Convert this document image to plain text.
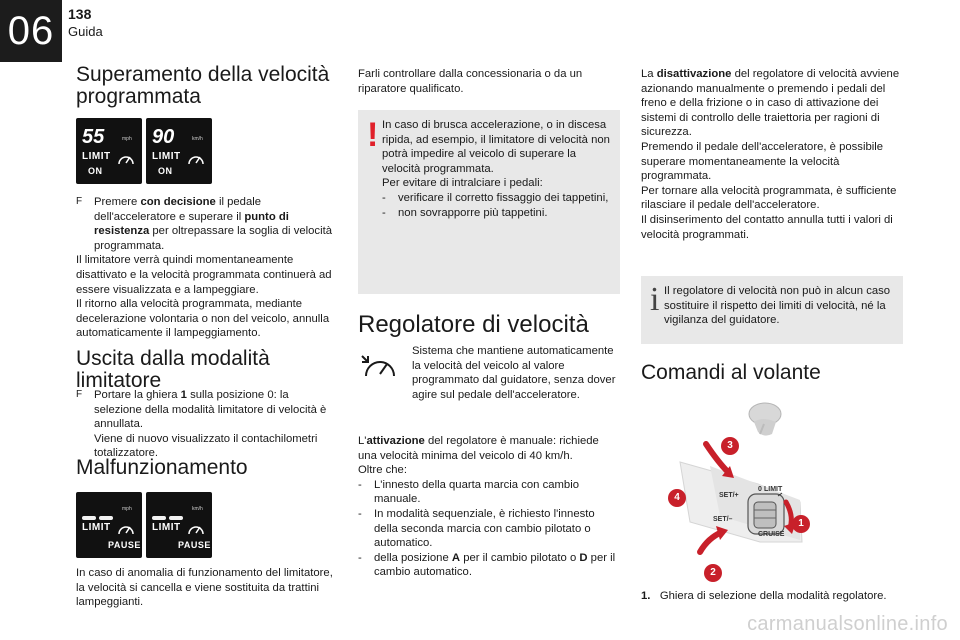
06 138
Guida
Superamento della velocità programmata
55	mph
LIMIT
ON
90	km/h
LIMIT
ON
F Premere con decisione il pedale dell'acceleratore e superare il punto di resistenza per oltrepassare la soglia di velocità programmata.
Il limitatore verrà quindi momentaneamente disattivato e la velocità programmata continuerà ad essere visualizzata e a lampeggiare.
Il ritorno alla velocità programmata, mediante decelerazione volontaria o non del veicolo, annulla automaticamente il lampeggiamento.
Uscita dalla modalità limitatore
F Portare la ghiera 1 sulla posizione 0: la selezione della modalità limitatore di velocità è annullata.
Viene di nuovo visualizzato il contachilometri totalizzatore.
Malfunzionamento
mph
LIMIT
PAUSE
km/h
LIMIT
PAUSE
In caso di anomalia di funzionamento del limitatore, la velocità si cancella e viene sostituita da trattini lampeggianti.
Farli controllare dalla concessionaria o da un riparatore qualificato.
! In caso di brusca accelerazione, o in discesa ripida, ad esempio, il limitatore di velocità non potrà impedire al veicolo di superare la velocità programmata.
Per evitare di intralciare i pedali:
- verificare il corretto fissaggio dei tappetini,
- non sovrapporre più tappetini.
Regolatore di velocità
Sistema che mantiene automaticamente la velocità del veicolo al valore programmato dal guidatore, senza dover agire sul pedale dell'acceleratore.
L'attivazione del regolatore è manuale: richiede una velocità minima del veicolo di 40 km/h.
Oltre che:
- L'innesto della quarta marcia con cambio manuale.
- In modalità sequenziale, è richiesto l'innesto della seconda marcia con cambio pilotato o automatico.
- della posizione A per il cambio pilotato o D per il cambio automatico.
La disattivazione del regolatore di velocità avviene azionando manualmente o premendo i pedali del freno e della frizione o in caso di attivazione dei sistemi di controllo delle traiettoria per ragioni di sicurezza.
Premendo il pedale dell'acceleratore, è possibile superare momentaneamente la velocità programmata.
Per tornare alla velocità programmata, è sufficiente rilasciare il pedale dell'acceleratore.
Il disinserimento del contatto annulla tutti i valori di velocità programmati.
i Il regolatore di velocità non può in alcun caso sostituire il rispetto dei limiti di velocità, né la vigilanza del guidatore.
Comandi al volante
SET/+
SET/–
LIMIT
0
CRUISE
3
4
1
2
1. Ghiera di selezione della modalità regolatore.
carmanualsonline.info
